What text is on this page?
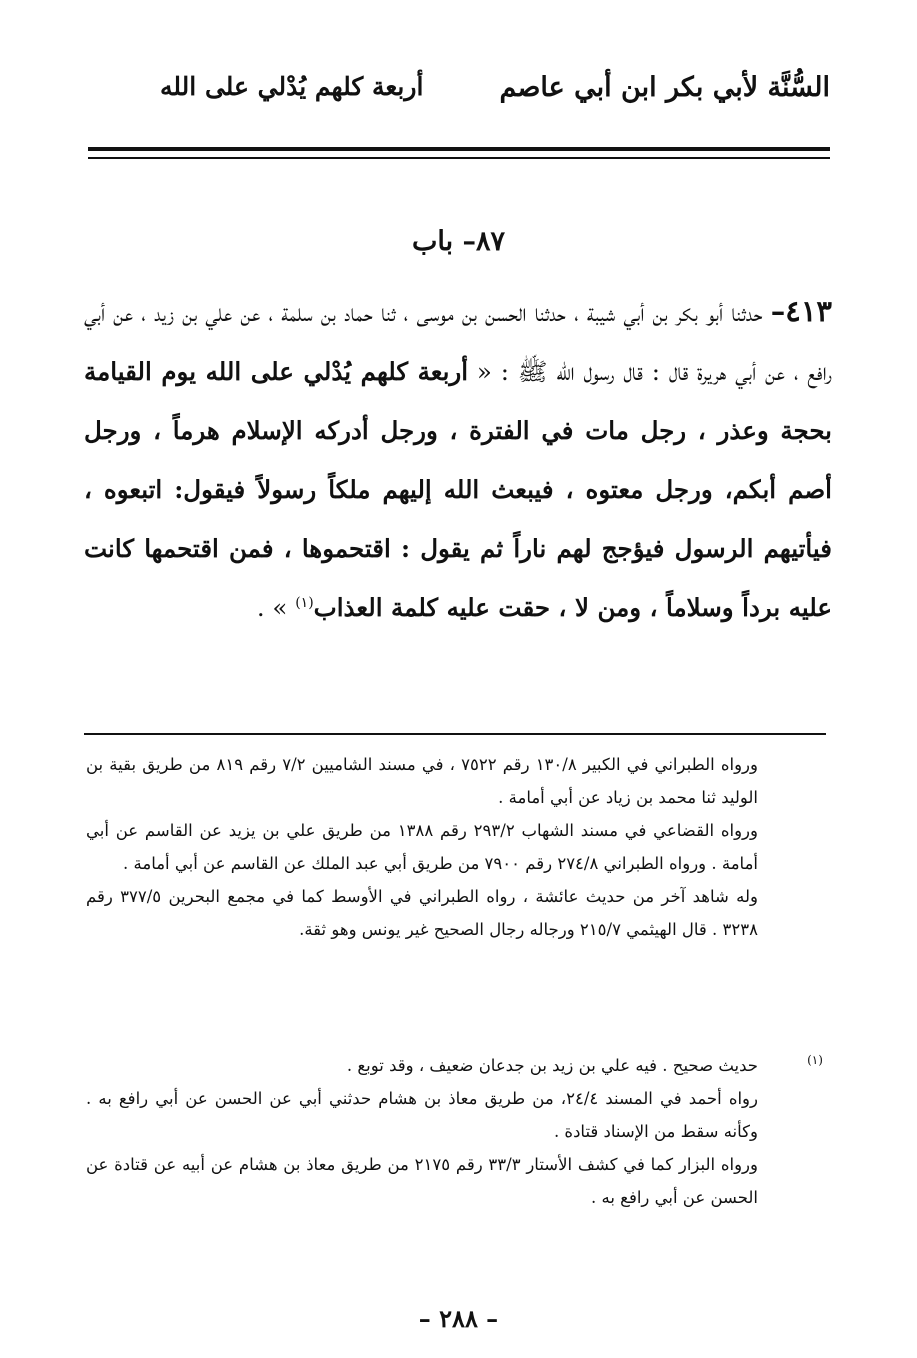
السُّنَّة لأبي بكر ابن أبي عاصم
أربعة كلهم يُدْلي على الله
٨٧– باب
٤١٣– حدثنا أبو بكر بن أبي شيبة ، حدثنا الحسن بن موسى ، ثنا حماد بن سلمة ، عن علي بن زيد ، عن أبي رافع ، عن أبي هريرة قال : قال رسول الله ﷺ : « أربعة كلهم يُدْلي على الله يوم القيامة بحجة وعذر ، رجل مات في الفترة ، ورجل أدركه الإسلام هرماً ، ورجل أصم أبكم، ورجل معتوه ، فيبعث الله إليهم ملكاً رسولاً فيقول: اتبعوه ، فيأتيهم الرسول فيؤجج لهم ناراً ثم يقول : اقتحموها ، فمن اقتحمها كانت عليه برداً وسلاماً ، ومن لا ، حقت عليه كلمة العذاب$^{(١)}$ » .

ورواه الطبراني في الكبير ١٣٠/٨ رقم ٧٥٢٢ ، في مسند الشاميين ٧/٢ رقم ٨١٩ من طريق بقية بن الوليد ثنا محمد بن زياد عن أبي أمامة .

ورواه القضاعي في مسند الشهاب ٢٩٣/٢ رقم ١٣٨٨ من طريق علي بن يزيد عن القاسم عن أبي أمامة . ورواه الطبراني ٢٧٤/٨ رقم ٧٩٠٠ من طريق أبي عبد الملك عن القاسم عن أبي أمامة .

وله شاهد آخر من حديث عائشة ، رواه الطبراني في الأوسط كما في مجمع البحرين ٣٧٧/٥ رقم ٣٢٣٨ . قال الهيثمي ٢١٥/٧ ورجاله رجال الصحيح غير يونس وهو ثقة.

(١)

حديث صحيح . فيه علي بن زيد بن جدعان ضعيف ، وقد توبع .

رواه أحمد في المسند ٢٤/٤، من طريق معاذ بن هشام حدثني أبي عن الحسن عن أبي رافع به . وكأنه سقط من الإسناد قتادة .

ورواه البزار كما في كشف الأستار ٣٣/٣ رقم ٢١٧٥ من طريق معاذ بن هشام عن أبيه عن قتادة عن الحسن عن أبي رافع به .

– ٢٨٨ –
